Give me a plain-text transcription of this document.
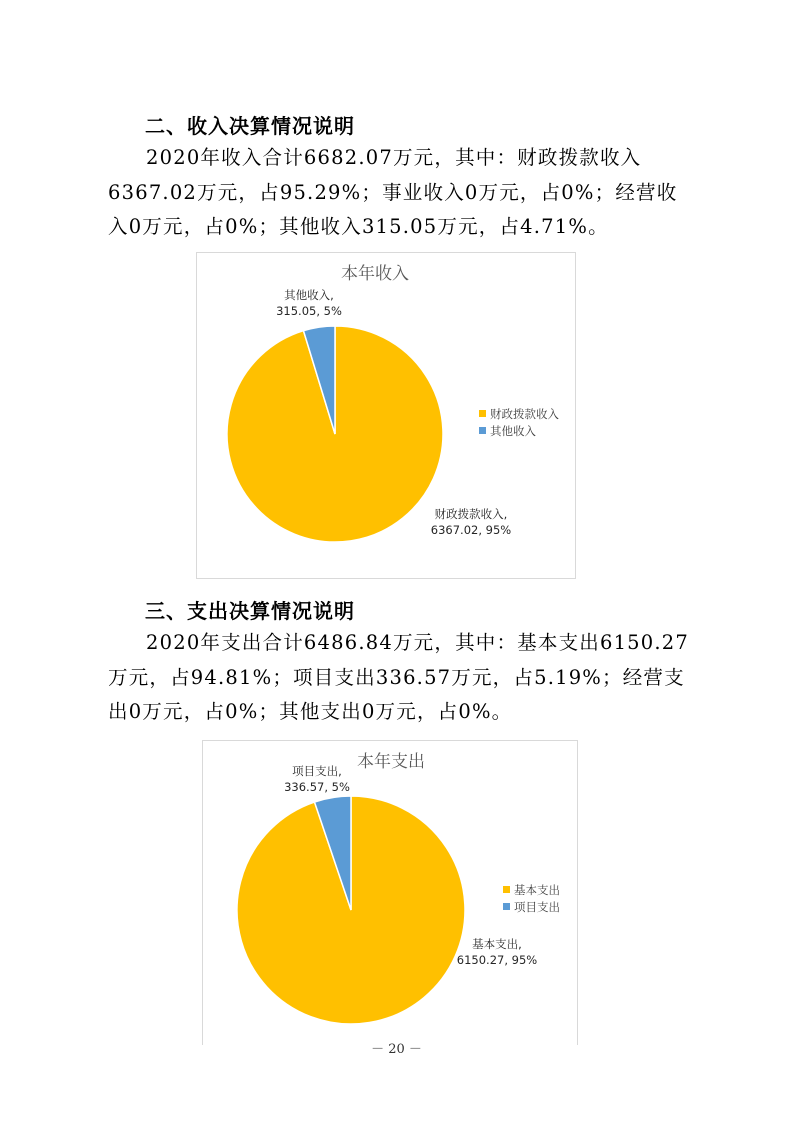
二、收入决算情况说明
2020年收入合计6682.07万元，其中：财政拨款收入6367.02万元，占95.29%；事业收入0万元，占0%；经营收入0万元，占0%；其他收入315.05万元，占4.71%。
本年收入
财政拨款收入,
6367.02, 95%
其他收入,
315.05, 5%
财政拨款收入
其他收入
三、支出决算情况说明
2020年支出合计6486.84万元，其中：基本支出6150.27万元，占94.81%；项目支出336.57万元，占5.19%；经营支出0万元，占0%；其他支出0万元，占0%。
本年支出
基本支出,
6150.27, 95%
项目支出,
336.57, 5%
基本支出
项目支出
－ 20 －
